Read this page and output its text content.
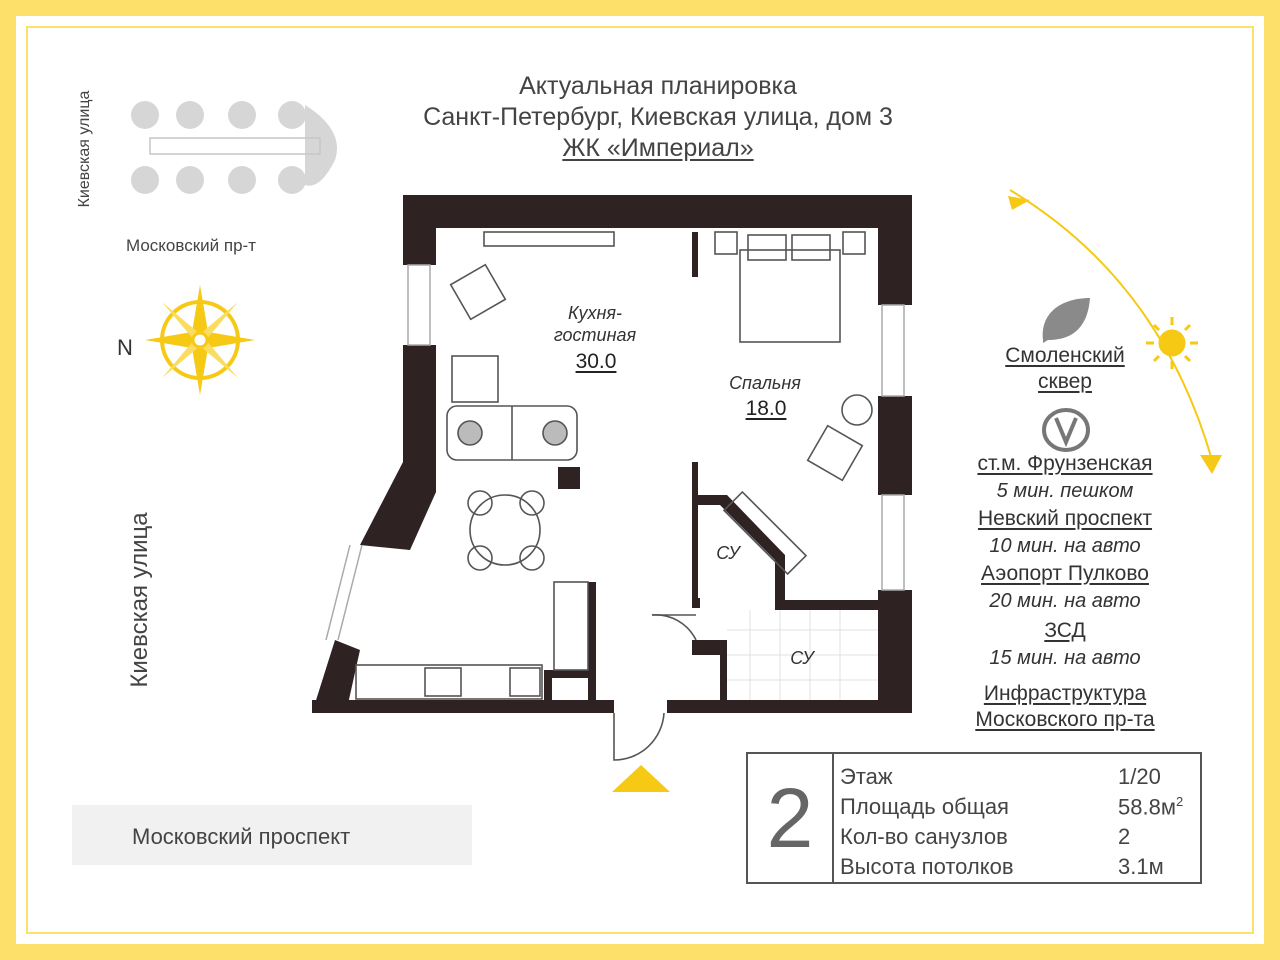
Актуальная планировка
Санкт-Петербург, Киевская улица, дом 3
ЖК «Империал»
Киевская улица
Московский пр-т
Киевская улица
Московский проспект
N
Кухня-
гостиная
30.0
Спальня
18.0
СУ
СУ
Смоленский
сквер
ст.м. Фрунзенская
5 мин. пешком
Невский проспект
10 мин. на авто
Аэопорт Пулково
20 мин. на авто
ЗСД
15 мин. на авто
Инфраструктура
Московского пр-та
2	Этаж	1/20
Площадь общая	$58.8м^2$
Кол-во санузлов	2
Высота потолков	3.1м
